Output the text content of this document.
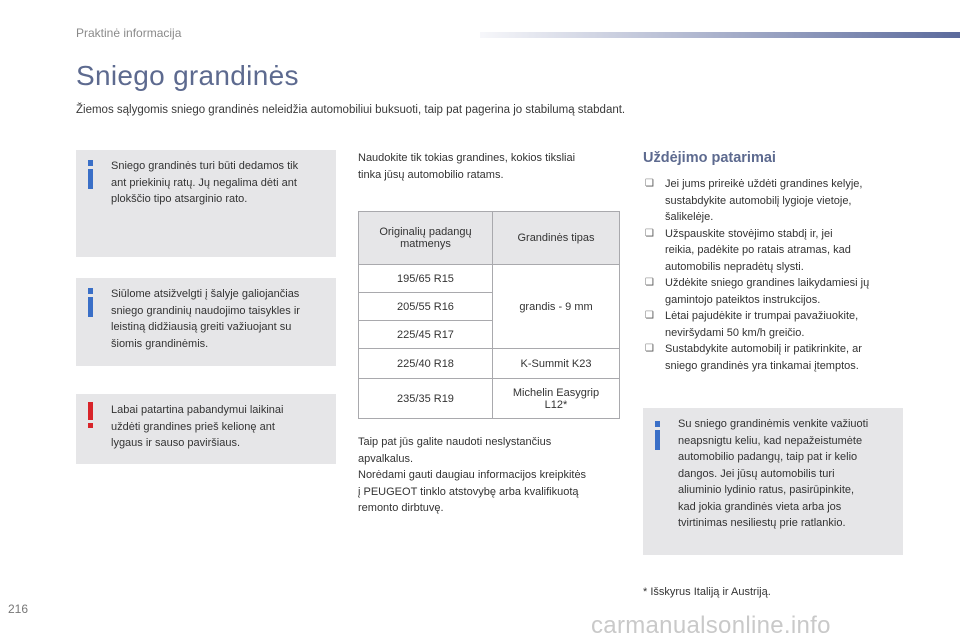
Praktinė informacija
Sniego grandinės
Žiemos sąlygomis sniego grandinės neleidžia automobiliui buksuoti, taip pat pagerina jo stabilumą stabdant.
Sniego grandinės turi būti dedamos tik
ant priekinių ratų. Jų negalima dėti ant
plokščio tipo atsarginio rato.
Siūlome atsižvelgti į šalyje galiojančias
sniego grandinių naudojimo taisykles ir
leistiną didžiausią greiti važiuojant su
šiomis grandinėmis.
Labai patartina pabandymui laikinai
uždėti grandines prieš kelionę ant
lygaus ir sauso paviršiaus.
Naudokite tik tokias grandines, kokios tiksliai
tinka jūsų automobilio ratams.
Originalių padangų
matmenys	Grandinės tipas
195/65 R15	grandis - 9 mm
205/55 R16	
225/45 R17	
225/40 R18	K-Summit K23
235/35 R19	Michelin Easygrip
L12*
Taip pat jūs galite naudoti neslystančius
apvalkalus.
Norėdami gauti daugiau informacijos kreipkitės
į PEUGEOT tinklo atstovybę arba kvalifikuotą
remonto dirbtuvę.
Uždėjimo patarimai
❏ Jei jums prireikė uždėti grandines kelyje,
sustabdykite automobilį lygioje vietoje,
šalikelėje.
❏ Užspauskite stovėjimo stabdį ir, jei
reikia, padėkite po ratais atramas, kad
automobilis nepradėtų slysti.
❏ Uždėkite sniego grandines laikydamiesi jų
gamintojo pateiktos instrukcijos.
❏ Lėtai pajudėkite ir trumpai pavažiuokite,
neviršydami 50 km/h greičio.
❏ Sustabdykite automobilį ir patikrinkite, ar
sniego grandinės yra tinkamai įtemptos.
Su sniego grandinėmis venkite važiuoti
neapsnigtu keliu, kad nepažeistumėte
automobilio padangų, taip pat ir kelio
dangos. Jei jūsų automobilis turi
aliuminio lydinio ratus, pasirūpinkite,
kad jokia grandinės vieta arba jos
tvirtinimas nesiliestų prie ratlankio.
* Išskyrus Italiją ir Austriją.
216
carmanualsonline.info
